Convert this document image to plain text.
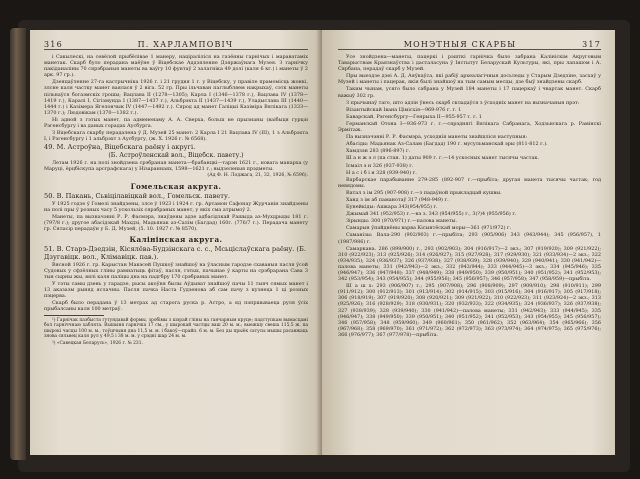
316	П. ХАРЛАМПОВІЧ

і Сакылескі, на севёлой прыбёлівае 1 манеру, націраліліся на газённы гарнічых і мараватаміх манетак. Скарб було перадана маёўне ў Віцебскае Аддзяленне Дзяржаўнага Музея. З гарнічку пакіданаліны 70 сярэбраныя манеты ва ваўгу 10 фунтаў 2 залатніка 49 долі (каля 6 кг.) і манеты ў 2 арк. 97 гр.).

Дзеяцаўленне 27-га кастрычніка 1926 г. і 21 грудня 1 г. у Віцебску, у правіле прамомісць жонкі, злсне каля частку манет ваялася ў 2 віга. 52 гр. Пры ільчаван паглыбляем накрыхаў, сэтк манеты пільнаўся богаэмскіх грошы; Вацлава II (1278—1305); Карла I (1346—1378 г.), Вацлава IV (1378—1419 г.), Каралі I, Сігізмунда I (1387—1437 г.), Альбрэхта II (1437—1439 г.), Уладыслава III (1440—1444 г.) і Казімера Ягелончык IV (1447—1492 г.). Сярод ад манет Галіцыі Казіміра Вялікага (1333—1370 г.); Людовікам (1370—1382 г.).

Ні адной з гэтых манет, па адмененаму А. А. Сверха, больш не прызнаны (ваібыця гурцэі Рэгенсбургу і ва даных горадах Аусбурга.

З Віцебскага скарбу перадалена ў Д. Музей 25 манет: 2 Карла I 21 Вацлава IV (III), 1 з Альбрэхта I, і Рэгенсбургу і 1 альбрэхт з Аусбургу, (ж. X. 1926 г. № 6568).

49. М. Астроўна, Віцебскага раёну і акругі.
(Б. Астроўленскай вол., Віцебск. павету.)

Летам 1926 г. на полі знойдзена срэбраная манета—брабанцкі—тарэн 1621 г., новага манарха (у Маруці, ёрцбіскупа арсграфскага) у Нізараннаях, 1598—1621 г.; выдзеленыя прэдметы.

(Ад Ф. Н. Лоджага, 21, 32, 1926, № 6596).

Гомельская акруга.
50. В. Пакань, Сьвіцілавіцкай вол., Гомельск. павету.

У 1925 годзе ў Гомелі знайдзены, злсе ў 1923 і 1924 г. гр. Артамон Сафонау Журчанін знайдзены на полі пры ў розных часу 5 ускользіх сярэбраных манет, у якіх сма атрымоў 2.

Манеты, па вызначэнні Р. Р. Фасмэра, знаўдены адзе адбасідзкай Рашыда аз-Мухдрыды 181 г. (797/8 г.); другое абасідзкай Махдзі, Мадьянак аз-Салім (Багдад) 160г. (776/7 г.). Перадача манету гр. Сяласір перадаўн у Б. Д. Музей, (5. 10. 1927 г. № 8570).

Калінінская акруга.
51. В. Старэ-Дзедзін, Кісялёва-Будзінскага с. с., Мсьціслаўскага раёну. (Б. Дзугавіцк. вол., Клімавіцк. пав.).

Вясной 1926 г. гр. Карыстан Макэсей Пушкоў знайшоў на ўласным гародзе схаваныя пасля ўсой Судовых у сфзёлных гліны рамнатыць фітаў, пасля, гэтых, пачынае ў карты на срэбрарана Сава 3 тыя сырны жы, вялі каля паліцы дна на падгбру 170 срэбраных манет.

У тэты самы дзень у гарадзе, рысы акоўня былы Аўдыват знайшоў пачы 11 тыяч сямых манет і 13 аказазм рыняд яслачны. Пасля пачка Наста Гудзенова аб сам пачу з кузнеца 1 ці розных пэцерва.

Скарб было перадана ў 13 метрах ад старога руска р. Астро, а яд пэпршываеца руля ўсіх прыбалсаны каля 100 метраў.

¹) Гарнічак пазбыста гутундавай формы, зробімы з шэрай гліны на ганчарным круце; падступкам вымасцамі бол гарніччнаю хаблята. Вышыня гарнічка 17 см., у шырокай частцы ваш 20 м. м.; выежшу свеша 115,5 ж. па шырокі часцы 100 м. м., тоўшчыня дна 11,5 м. м. і бакоў—прайп. 6 м. м. Без ды прыёк сатусы мышы расавжаць знова сяльвец каля рул у 49,5 і 38 м. м. у срэдні шар 24 м. м.

²) «Савецкая Беларусь», 1926 г. № 231.

МОНЭТНЫЯ СКАРБЫ	317

Усе знойдзена—манеты, пацеркі і рэшткі гарнічка было забрана Калініскім Акруговым Таварыствам Краязнаўства і дасталасуна ў Інстытут Беларускай Культуры, які, пры лапашом і А. Сярбана, перадаў скарб у Музей.

Пры выездзе дзеі А. Д. Аяўкаўса, які рабіў археалагічныя досьледы у Старым Дзедзіне, засхаў у Музей і манеты і пацерак, якія былі знайшоў на тым самым месцы, дзе быў знайдзены скарб.

Таким чынам, усяго было сабрана у Музей 184 манеты і 17 пацеркаў і чвартак манет. Скарб важыў 302 гр.

З прычынаў таго, што адзін ўнесь скарб складаўся з ўсходніх манет на вызначаныя прэт:

Візантыйскай Івана Цімісхія—969-976 г. г. 1

Баварскай, Рэгенсбургу—Генрыха II—955-957 г. г. 1

Германскай Отона I—936-973 г. г.—сярэднягі Вялікага Сабранага, Ходзьнскага р. Рамінскі Эрмітаж.

Па вызначэнні Р. Р. Фасмэра, усходнія манеты знайшліся наступныя:

Абасіды: Мадьянак Аз-Салам (Багдад) 190 г. мусульманскай эры (811-812 г.).

Хамдзэн 283 (896-897) г.

Ш а н ж э л (па стан. 1) даты 909 г. г.—14 ускосных манет тысячы частак.

Ісмаіл э н 326 (937-938) г.

Н а с і б і н 328 (939-940) г.

Варбарскае парабыванне 279-285 (892-907 г.—прыбіта; другая манета тысячы частак; год невядомы.

Ватал з ім 295 (907-908) г.—з падаўной прыкладцай кушвы.

Ханд з ім аб паманотаў 317 (948-949) г.

Бунейкіды: Ашкара 343(954/955) г.

Джымай 341 (952/953) г.—кэ з. 343 (954/955) г., 3(?)4 (955/956) г.

Зірынды: 300 (970/971) г.—палова манеты.

Самарын ўпайднёны варва Кісынтёскай моры—361 (971/972) г.

Саманізы: Вала-290 (902/903) г.—прыбіта; 293 (905/906) 343 (943/944); 345 (956/957), 1 (1987/986) г.

Самаркана. 286 (899/900) г., 293 (902/903); 304 (916/917)—2 экз.; 307 (919/920); 309 (921/922); 310 (922/923); 313 (925/926); 314 (926/927); 315 (927/928); 317 (929/930); 321 (933/934)—2 экз.; 322 (934/935); 324 (936/937); 326 (937/938); 327 (938/939); 328 (939/940); 329 (940/941); 330 (941/942)—палова манеты; 331 (942/943)—2 экз.; 332 (943/944); 333 (944/945)—3 экз.; 334 (945/946); 335 (946/947); 336 (947/948); 337 (948/949); 338 (949/950); 339 (950/951); 340 (951/952); 341 (952/953); 342 (953/954); 343 (954/955); 344 (955/956); 345 (956/957); 346 (957/958); 347 (958/959)—прыбіта.

Ш а ш х: 293 (906/907) г.; 295 (907/908); 296 (908/909); 297 (909/910); 298 (910/911); 299 (911/912); 300 (912/913); 301 (913/914); 302 (914/915); 303 (915/916); 304 (916/917); 305 (917/918); 306 (918/919); 307 (919/920); 308 (920/921); 309 (921/922); 310 (922/923); 311 (923/924)—2 экз.; 313 (925/926); 316 (928/929); 318 (930/931); 320 (932/933); 322 (934/935); 324 (936/937); 326 (937/938); 327 (938/939); 328 (939/940); 330 (941/942)—палова манеты; 331 (942/943); 333 (944/945); 335 (946/947); 338 (949/950); 339 (950/951); 340 (951/952); 341 (952/953); 343 (954/955); 345 (956/957); 346 (957/958); 348 (959/960); 349 (960/961); 350 (961/962); 352 (963/964); 354 (965/966); 356 (967/968); 358 (969/970); 361 (971/972); 362 (972/973); 363 (973/974); 364 (974/975); 365 (975/976); 366 (976/977); 367 (977/978)—прыбіта.
